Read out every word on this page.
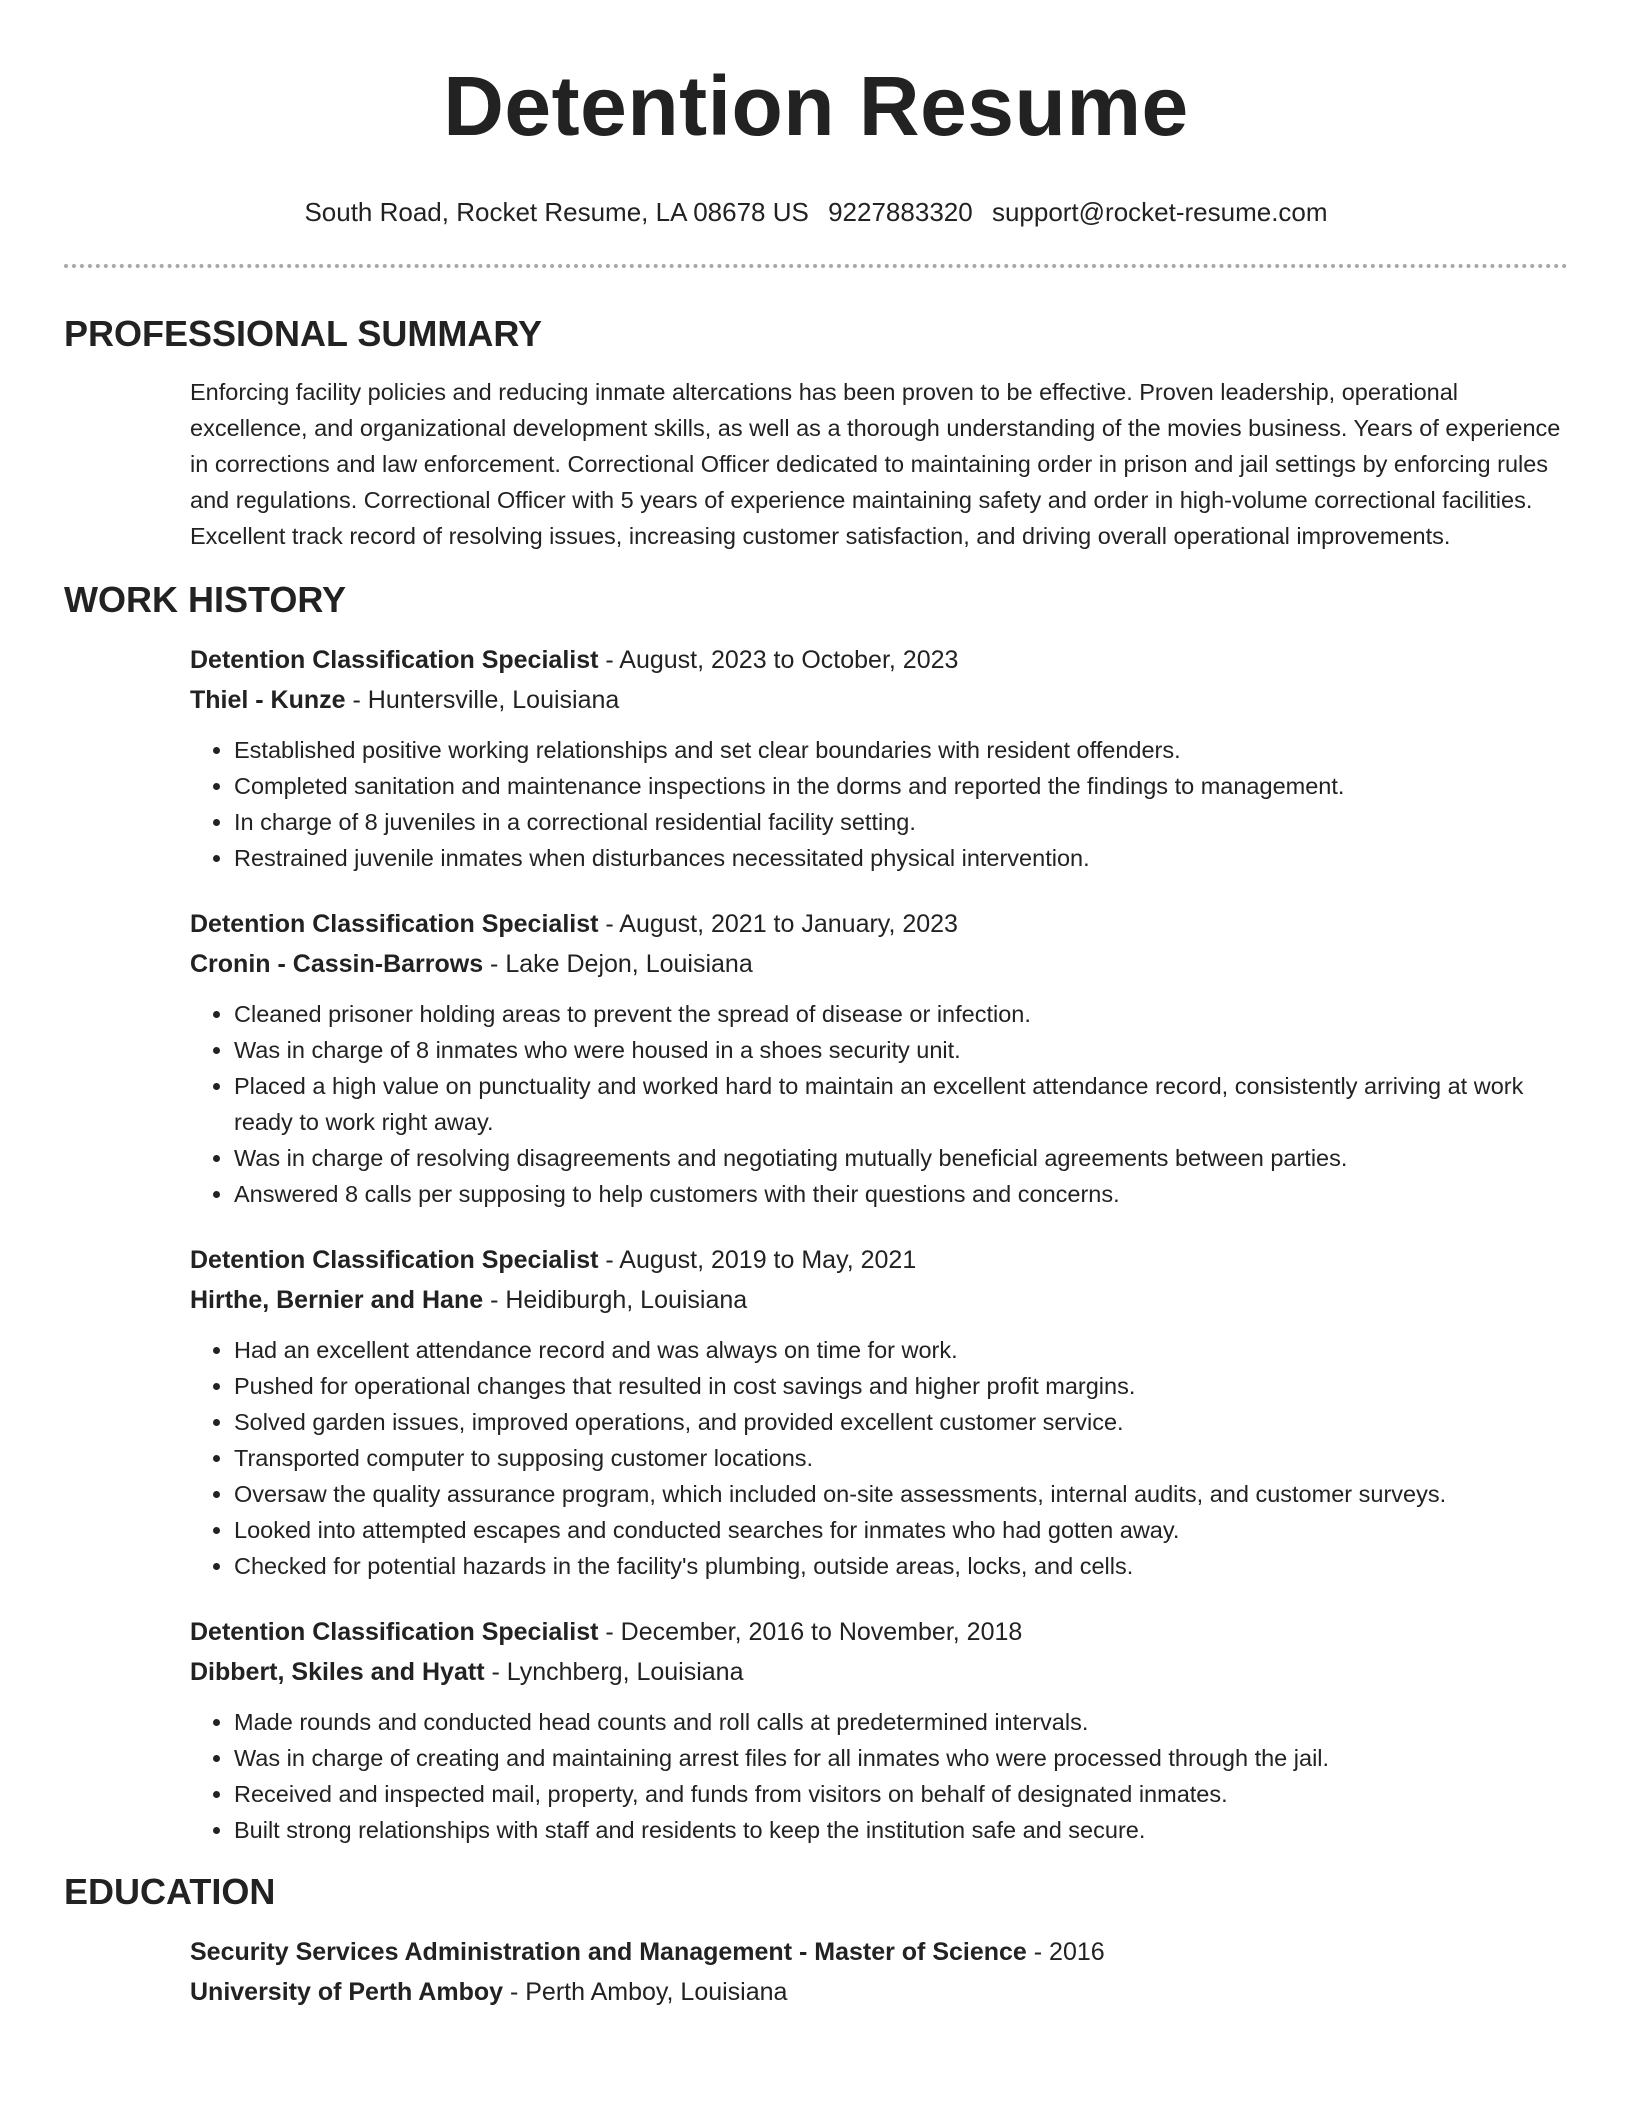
Detention Resume
South Road, Rocket Resume, LA 08678 US 9227883320 support@rocket-resume.com
PROFESSIONAL SUMMARY

Enforcing facility policies and reducing inmate altercations has been proven to be effective. Proven leadership, operational excellence, and organizational development skills, as well as a thorough understanding of the movies business. Years of experience in corrections and law enforcement. Correctional Officer dedicated to maintaining order in prison and jail settings by enforcing rules and regulations. Correctional Officer with 5 years of experience maintaining safety and order in high-volume correctional facilities. Excellent track record of resolving issues, increasing customer satisfaction, and driving overall operational improvements.

WORK HISTORY

Detention Classification Specialist - August, 2023 to October, 2023

Thiel - Kunze - Huntersville, Louisiana

• Established positive working relationships and set clear boundaries with resident offenders.
• Completed sanitation and maintenance inspections in the dorms and reported the findings to management.
• In charge of 8 juveniles in a correctional residential facility setting.
• Restrained juvenile inmates when disturbances necessitated physical intervention.

Detention Classification Specialist - August, 2021 to January, 2023

Cronin - Cassin-Barrows - Lake Dejon, Louisiana

• Cleaned prisoner holding areas to prevent the spread of disease or infection.
• Was in charge of 8 inmates who were housed in a shoes security unit.
• Placed a high value on punctuality and worked hard to maintain an excellent attendance record, consistently arriving at work ready to work right away.
• Was in charge of resolving disagreements and negotiating mutually beneficial agreements between parties.
• Answered 8 calls per supposing to help customers with their questions and concerns.

Detention Classification Specialist - August, 2019 to May, 2021

Hirthe, Bernier and Hane - Heidiburgh, Louisiana

• Had an excellent attendance record and was always on time for work.
• Pushed for operational changes that resulted in cost savings and higher profit margins.
• Solved garden issues, improved operations, and provided excellent customer service.
• Transported computer to supposing customer locations.
• Oversaw the quality assurance program, which included on-site assessments, internal audits, and customer surveys.
• Looked into attempted escapes and conducted searches for inmates who had gotten away.
• Checked for potential hazards in the facility's plumbing, outside areas, locks, and cells.

Detention Classification Specialist - December, 2016 to November, 2018

Dibbert, Skiles and Hyatt - Lynchberg, Louisiana

• Made rounds and conducted head counts and roll calls at predetermined intervals.
• Was in charge of creating and maintaining arrest files for all inmates who were processed through the jail.
• Received and inspected mail, property, and funds from visitors on behalf of designated inmates.
• Built strong relationships with staff and residents to keep the institution safe and secure.
EDUCATION

Security Services Administration and Management - Master of Science - 2016

University of Perth Amboy - Perth Amboy, Louisiana
